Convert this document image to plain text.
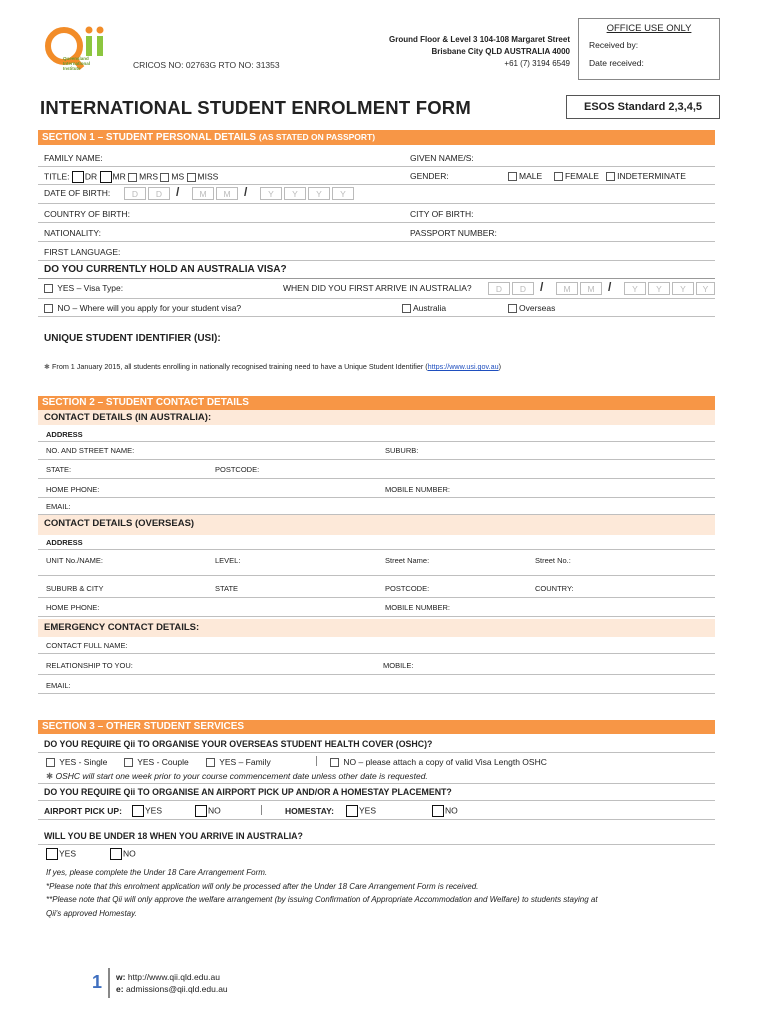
Queensland
International
Institute	CRICOS NO: 02763G RTO NO: 31353
Ground Floor & Level 3 104-108 Margaret Street
Brisbane City QLD AUSTRALIA 4000
+61 (7) 3194 6549
OFFICE USE ONLY
Received by:
Date received:
INTERNATIONAL STUDENT ENROLMENT FORM	ESOS Standard 2,3,4,5
SECTION 1 – STUDENT PERSONAL DETAILS (AS STATED ON PASSPORT)
FAMILY NAME:	GIVEN NAME/S:
TITLE: DR MR MRS MS MISS	GENDER:	MALE	FEMALE INDETERMINATE
DATE OF BIRTH:	D	D	/	M	M	/	Y	Y	Y	Y
COUNTRY OF BIRTH:	CITY OF BIRTH:
NATIONALITY:	PASSPORT NUMBER:
FIRST LANGUAGE:
DO YOU CURRENTLY HOLD AN AUSTRALIA VISA?
YES – Visa Type:	WHEN DID YOU FIRST ARRIVE IN AUSTRALIA?	D	D	/	M	M	/	Y	Y	Y	Y
NO – Where will you apply for your student visa?	Australia	Overseas
UNIQUE STUDENT IDENTIFIER (USI):
✱ From 1 January 2015, all students enrolling in nationally recognised training need to have a Unique Student Identifier (https://www.usi.gov.au)
SECTION 2 – STUDENT CONTACT DETAILS
CONTACT DETAILS (IN AUSTRALIA):
ADDRESS
NO. AND STREET NAME:	SUBURB:
STATE:	POSTCODE:
HOME PHONE:	MOBILE NUMBER:
EMAIL:
CONTACT DETAILS (OVERSEAS)
ADDRESS
UNIT No./NAME:	LEVEL:	Street Name:	Street No.:
SUBURB & CITY	STATE	POSTCODE:	COUNTRY:
HOME PHONE:	MOBILE NUMBER:
EMERGENCY CONTACT DETAILS:
CONTACT FULL NAME:
RELATIONSHIP TO YOU:	MOBILE:
EMAIL:
SECTION 3 – OTHER STUDENT SERVICES
DO YOU REQUIRE Qii TO ORGANISE YOUR OVERSEAS STUDENT HEALTH COVER (OSHC)?
YES - Single	YES - Couple	YES – Family	NO – please attach a copy of valid Visa Length OSHC
✱ OSHC will start one week prior to your course commencement date unless other date is requested.
DO YOU REQUIRE Qii TO ORGANISE AN AIRPORT PICK UP AND/OR A HOMESTAY PLACEMENT?
AIRPORT PICK UP:	YES	NO	HOMESTAY:	YES	NO
WILL YOU BE UNDER 18 WHEN YOU ARRIVE IN AUSTRALIA?
YES	NO
If yes, please complete the Under 18 Care Arrangement Form.
*Please note that this enrolment application will only be processed after the Under 18 Care Arrangement Form is received.
**Please note that Qii will only approve the welfare arrangement (by issuing Confirmation of Appropriate Accommodation and Welfare) to students staying at
Qii's approved Homestay.
1 w: http://www.qii.qld.edu.au
e: admissions@qii.qld.edu.au
